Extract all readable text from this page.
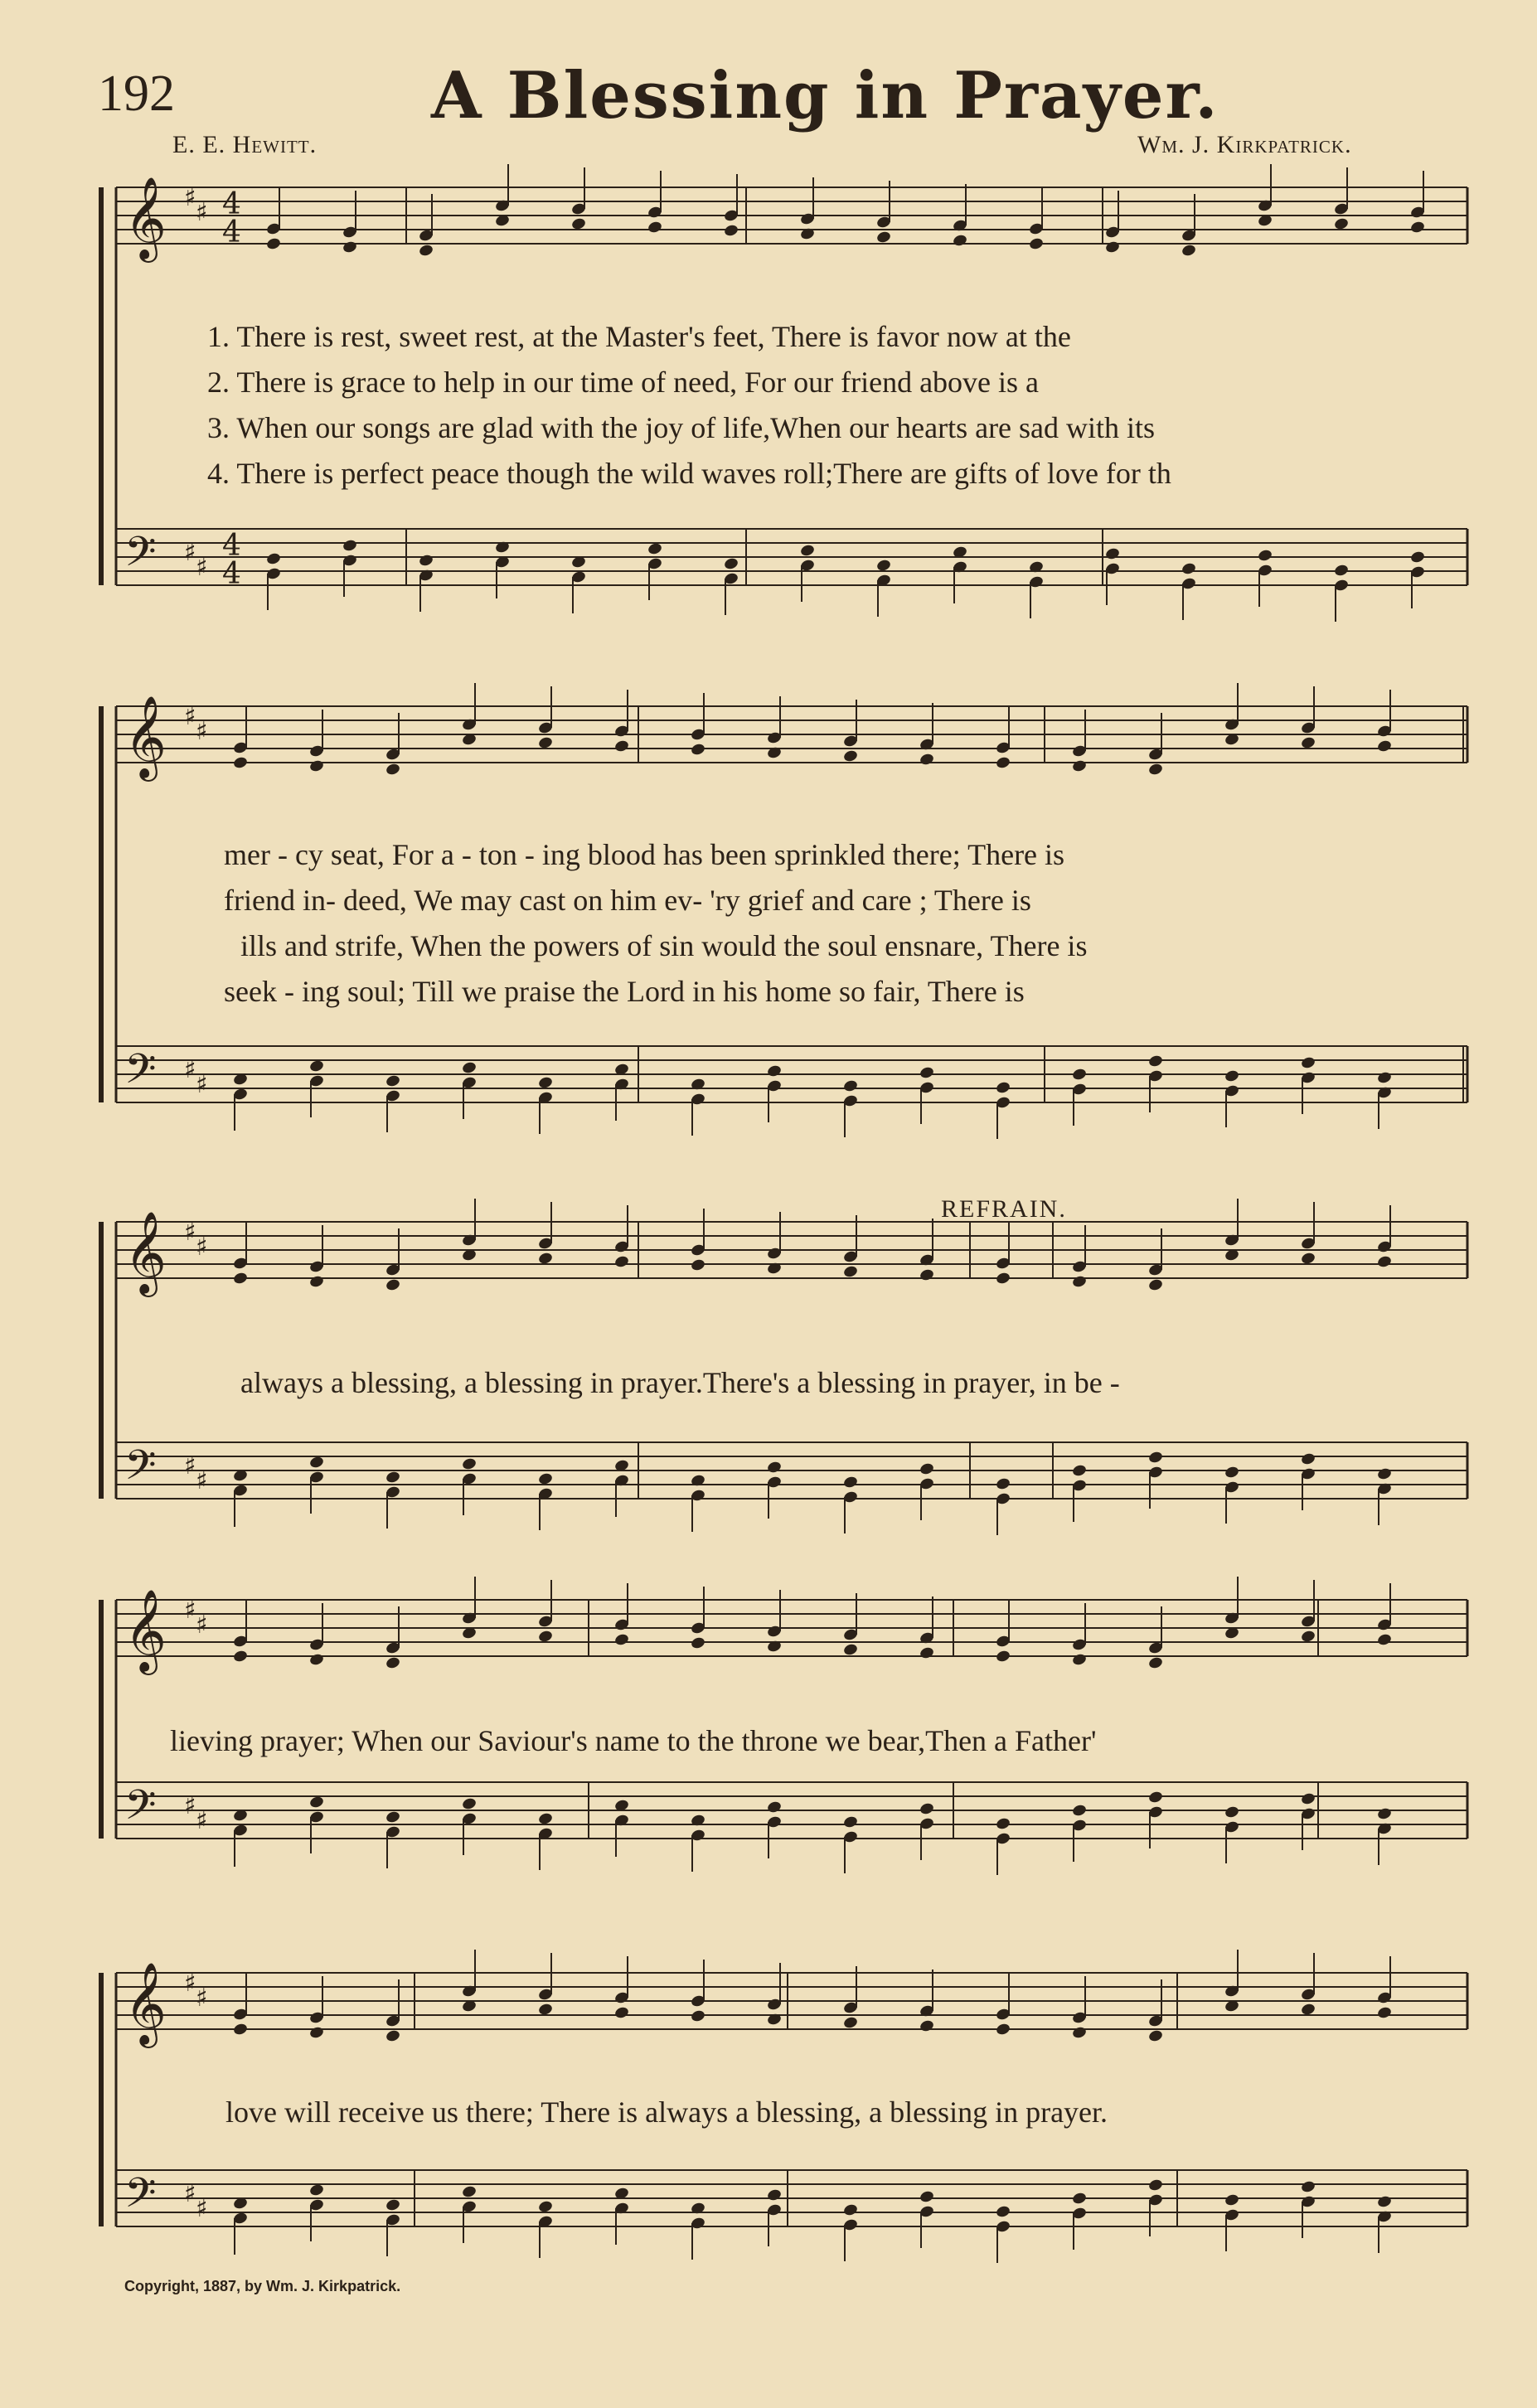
192	A Blessing in Prayer.
E. E. Hewitt.	Wm. J. Kirkpatrick.
𝄞
𝄢
♯
♯
♯
♯
4
4
4
4
𝄞
𝄢
♯
♯
♯
♯
𝄞
𝄢
♯
♯
♯
♯
𝄞
𝄢
♯
♯
♯
♯
𝄞
𝄢
♯
♯
♯
♯
1. There is rest, sweet rest, at the Master's feet, There is favor now at the
2. There is grace to help in our time of need, For our friend above is a
3. When our songs are glad with the joy of life,When our hearts are sad with its
4. There is perfect peace though the wild waves roll;There are gifts of love for th
mer - cy seat, For a - ton - ing blood has been sprinkled there; There is
friend in- deed, We may cast on him ev- 'ry grief and care ; There is
ills and strife, When the powers of sin would the soul ensnare, There is
seek - ing soul; Till we praise the Lord in his home so fair, There is
REFRAIN.
always a blessing, a blessing in prayer.There's a blessing in prayer, in be -
lieving prayer; When our Saviour's name to the throne we bear,Then a Father'
love will receive us there; There is always a blessing, a blessing in prayer.
Copyright, 1887, by Wm. J. Kirkpatrick.
